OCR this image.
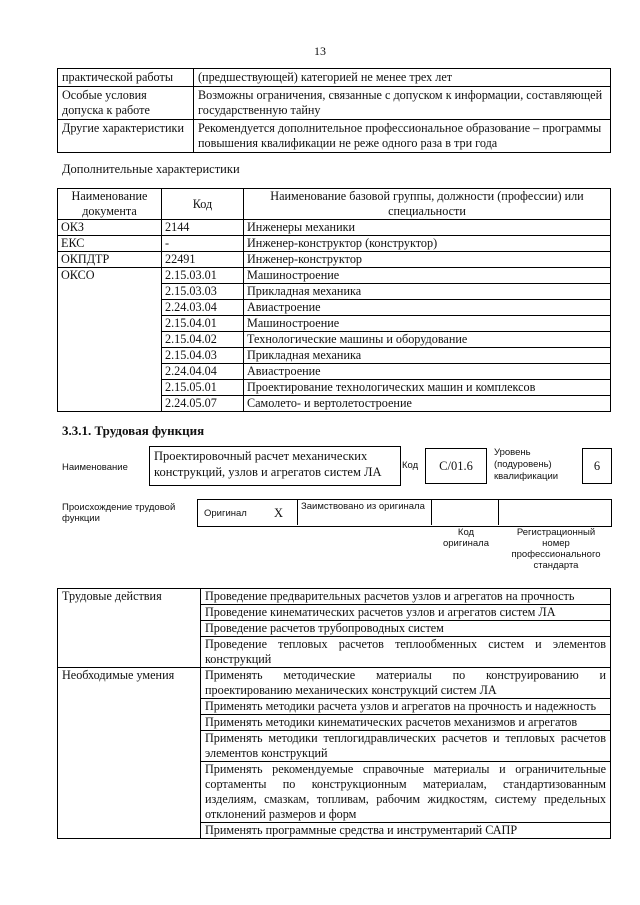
13
практической работы	(предшествующей) категорией не менее трех лет
Особые условия допуска к работе	Возможны ограничения, связанные с допуском к информации, составляющей государственную тайну
Другие характеристики	Рекомендуется дополнительное профессиональное образование – программы повышения квалификации не реже одного раза в три года
Дополнительные характеристики
Наименование документа	Код	Наименование базовой группы, должности (профессии) или специальности
ОКЗ	2144	Инженеры механики
ЕКС	-	Инженер-конструктор (конструктор)
ОКПДТР	22491	Инженер-конструктор
ОКСО	2.15.03.01	Машиностроение
	2.15.03.03	Прикладная механика
	2.24.03.04	Авиастроение
	2.15.04.01	Машиностроение
	2.15.04.02	Технологические машины и оборудование
	2.15.04.03	Прикладная механика
	2.24.04.04	Авиастроение
	2.15.05.01	Проектирование технологических машин и комплексов
	2.24.05.07	Самолето- и вертолетостроение
3.3.1. Трудовая функция
Наименование
Проектировочный расчет механических конструкций, узлов и агрегатов систем ЛА	Код	C/01.6
Уровень (подуровень) квалификации
6
Происхождение трудовой функции	Оригинал X Заимствовано из оригинала
Код оригинала
Регистрационный номер профессионального стандарта
Трудовые действия	Проведение предварительных расчетов узлов и агрегатов на прочность
	Проведение кинематических расчетов узлов и агрегатов систем ЛА
	Проведение расчетов трубопроводных систем
	Проведение тепловых расчетов теплообменных систем и элементов конструкций
Необходимые умения	Применять методические материалы по конструированию и проектированию механических конструкций систем ЛА
	Применять методики расчета узлов и агрегатов на прочность и надежность
	Применять методики кинематических расчетов механизмов и агрегатов
	Применять методики теплогидравлических расчетов и тепловых расчетов элементов конструкций
	Применять рекомендуемые справочные материалы и ограничительные сортаменты по конструкционным материалам, стандартизованным изделиям, смазкам, топливам, рабочим жидкостям, систему предельных отклонений размеров и форм
	Применять программные средства и инструментарий САПР
